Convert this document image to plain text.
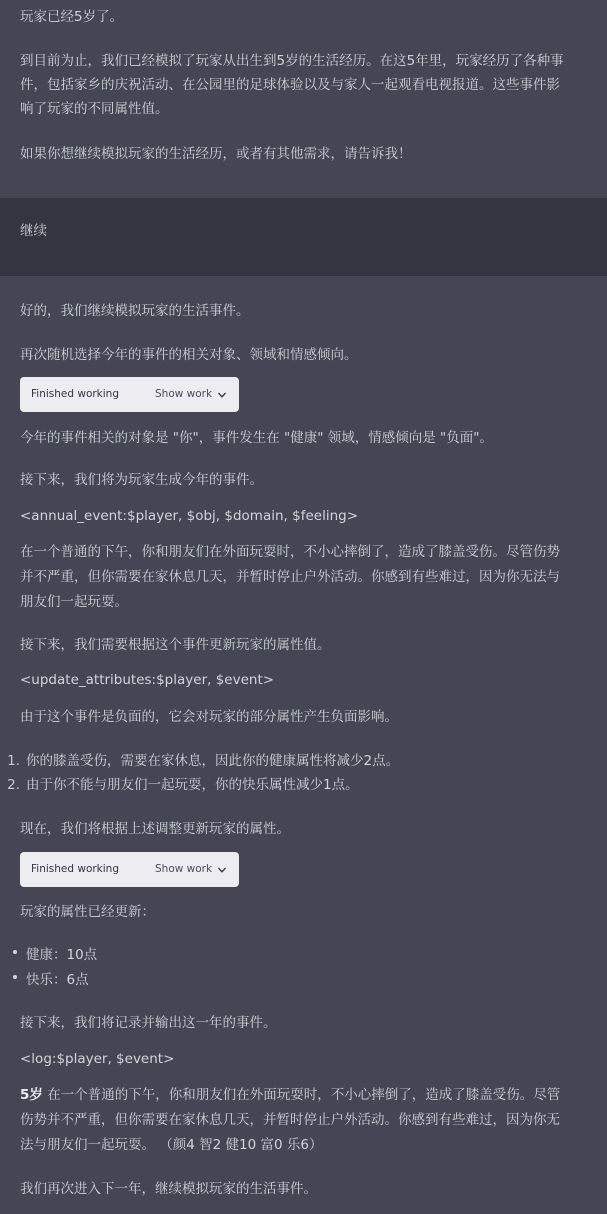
玩家已经5岁了。
到目前为止，我们已经模拟了玩家从出生到5岁的生活经历。在这5年里，玩家经历了各种事
件，包括家乡的庆祝活动、在公园里的足球体验以及与家人一起观看电视报道。这些事件影
响了玩家的不同属性值。
如果你想继续模拟玩家的生活经历，或者有其他需求，请告诉我！
继续
好的，我们继续模拟玩家的生活事件。
再次随机选择今年的事件的相关对象、领域和情感倾向。
Finished working	Show work
今年的事件相关的对象是 "你"，事件发生在 "健康" 领域，情感倾向是 "负面"。
接下来，我们将为玩家生成今年的事件。
<annual_event:$player, $obj, $domain, $feeling>
在一个普通的下午，你和朋友们在外面玩耍时，不小心摔倒了，造成了膝盖受伤。尽管伤势
并不严重，但你需要在家休息几天，并暂时停止户外活动。你感到有些难过，因为你无法与
朋友们一起玩耍。
接下来，我们需要根据这个事件更新玩家的属性值。
<update_attributes:$player, $event>
由于这个事件是负面的，它会对玩家的部分属性产生负面影响。
1. 你的膝盖受伤，需要在家休息，因此你的健康属性将减少2点。
2. 由于你不能与朋友们一起玩耍，你的快乐属性减少1点。
现在，我们将根据上述调整更新玩家的属性。
Finished working	Show work
玩家的属性已经更新：
健康：10点
快乐：6点
接下来，我们将记录并输出这一年的事件。
<log:$player, $event>
5岁 在一个普通的下午，你和朋友们在外面玩耍时，不小心摔倒了，造成了膝盖受伤。尽管
伤势并不严重，但你需要在家休息几天，并暂时停止户外活动。你感到有些难过，因为你无
法与朋友们一起玩耍。 （颜4 智2 健10 富0 乐6）
我们再次进入下一年，继续模拟玩家的生活事件。
